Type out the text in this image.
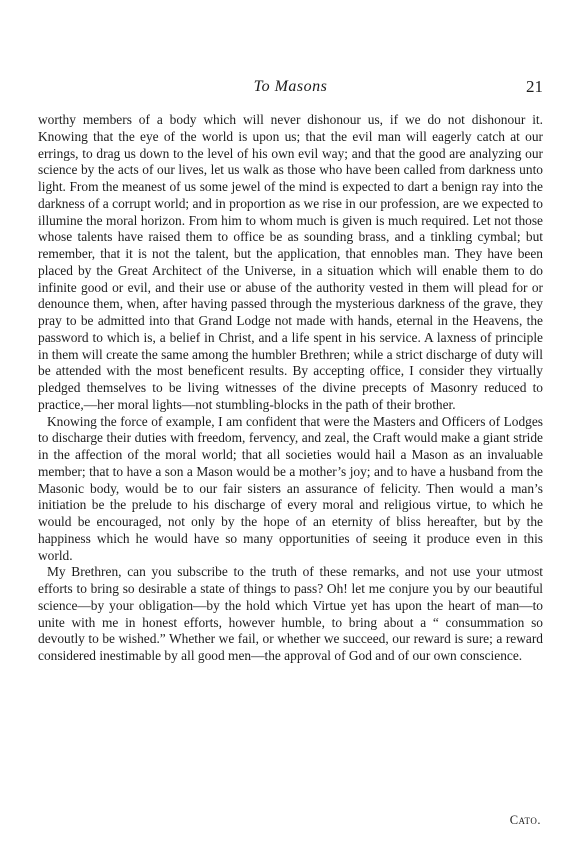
To Masons	21

worthy members of a body which will never dishonour us, if we do not dishonour it. Knowing that the eye of the world is upon us; that the evil man will eagerly catch at our errings, to drag us down to the level of his own evil way; and that the good are analyzing our science by the acts of our lives, let us walk as those who have been called from darkness unto light. From the meanest of us some jewel of the mind is expected to dart a benign ray into the darkness of a corrupt world; and in proportion as we rise in our profession, are we expected to illumine the moral horizon. From him to whom much is given is much required. Let not those whose talents have raised them to office be as sounding brass, and a tinkling cymbal; but remember, that it is not the talent, but the application, that ennobles man. They have been placed by the Great Architect of the Universe, in a situation which will enable them to do infinite good or evil, and their use or abuse of the authority vested in them will plead for or denounce them, when, after having passed through the mysterious darkness of the grave, they pray to be admitted into that Grand Lodge not made with hands, eternal in the Heavens, the password to which is, a belief in Christ, and a life spent in his service. A laxness of principle in them will create the same among the humbler Brethren; while a strict discharge of duty will be attended with the most beneficent results. By accepting office, I consider they virtually pledged themselves to be living witnesses of the divine precepts of Masonry reduced to practice,—her moral lights—not stumbling-blocks in the path of their brother.

Knowing the force of example, I am confident that were the Masters and Officers of Lodges to discharge their duties with freedom, fervency, and zeal, the Craft would make a giant stride in the affection of the moral world; that all societies would hail a Mason as an invaluable member; that to have a son a Mason would be a mother’s joy; and to have a husband from the Masonic body, would be to our fair sisters an assurance of felicity. Then would a man’s initiation be the prelude to his discharge of every moral and religious virtue, to which he would be encouraged, not only by the hope of an eternity of bliss hereafter, but by the happiness which he would have so many opportunities of seeing it produce even in this world.

My Brethren, can you subscribe to the truth of these remarks, and not use your utmost efforts to bring so desirable a state of things to pass? Oh! let me conjure you by our beautiful science—by your obligation—by the hold which Virtue yet has upon the heart of man—to unite with me in honest efforts, however humble, to bring about a “ consummation so devoutly to be wished.” Whether we fail, or whether we succeed, our reward is sure; a reward considered inestimable by all good men—the approval of God and of our own conscience.

Cato.
